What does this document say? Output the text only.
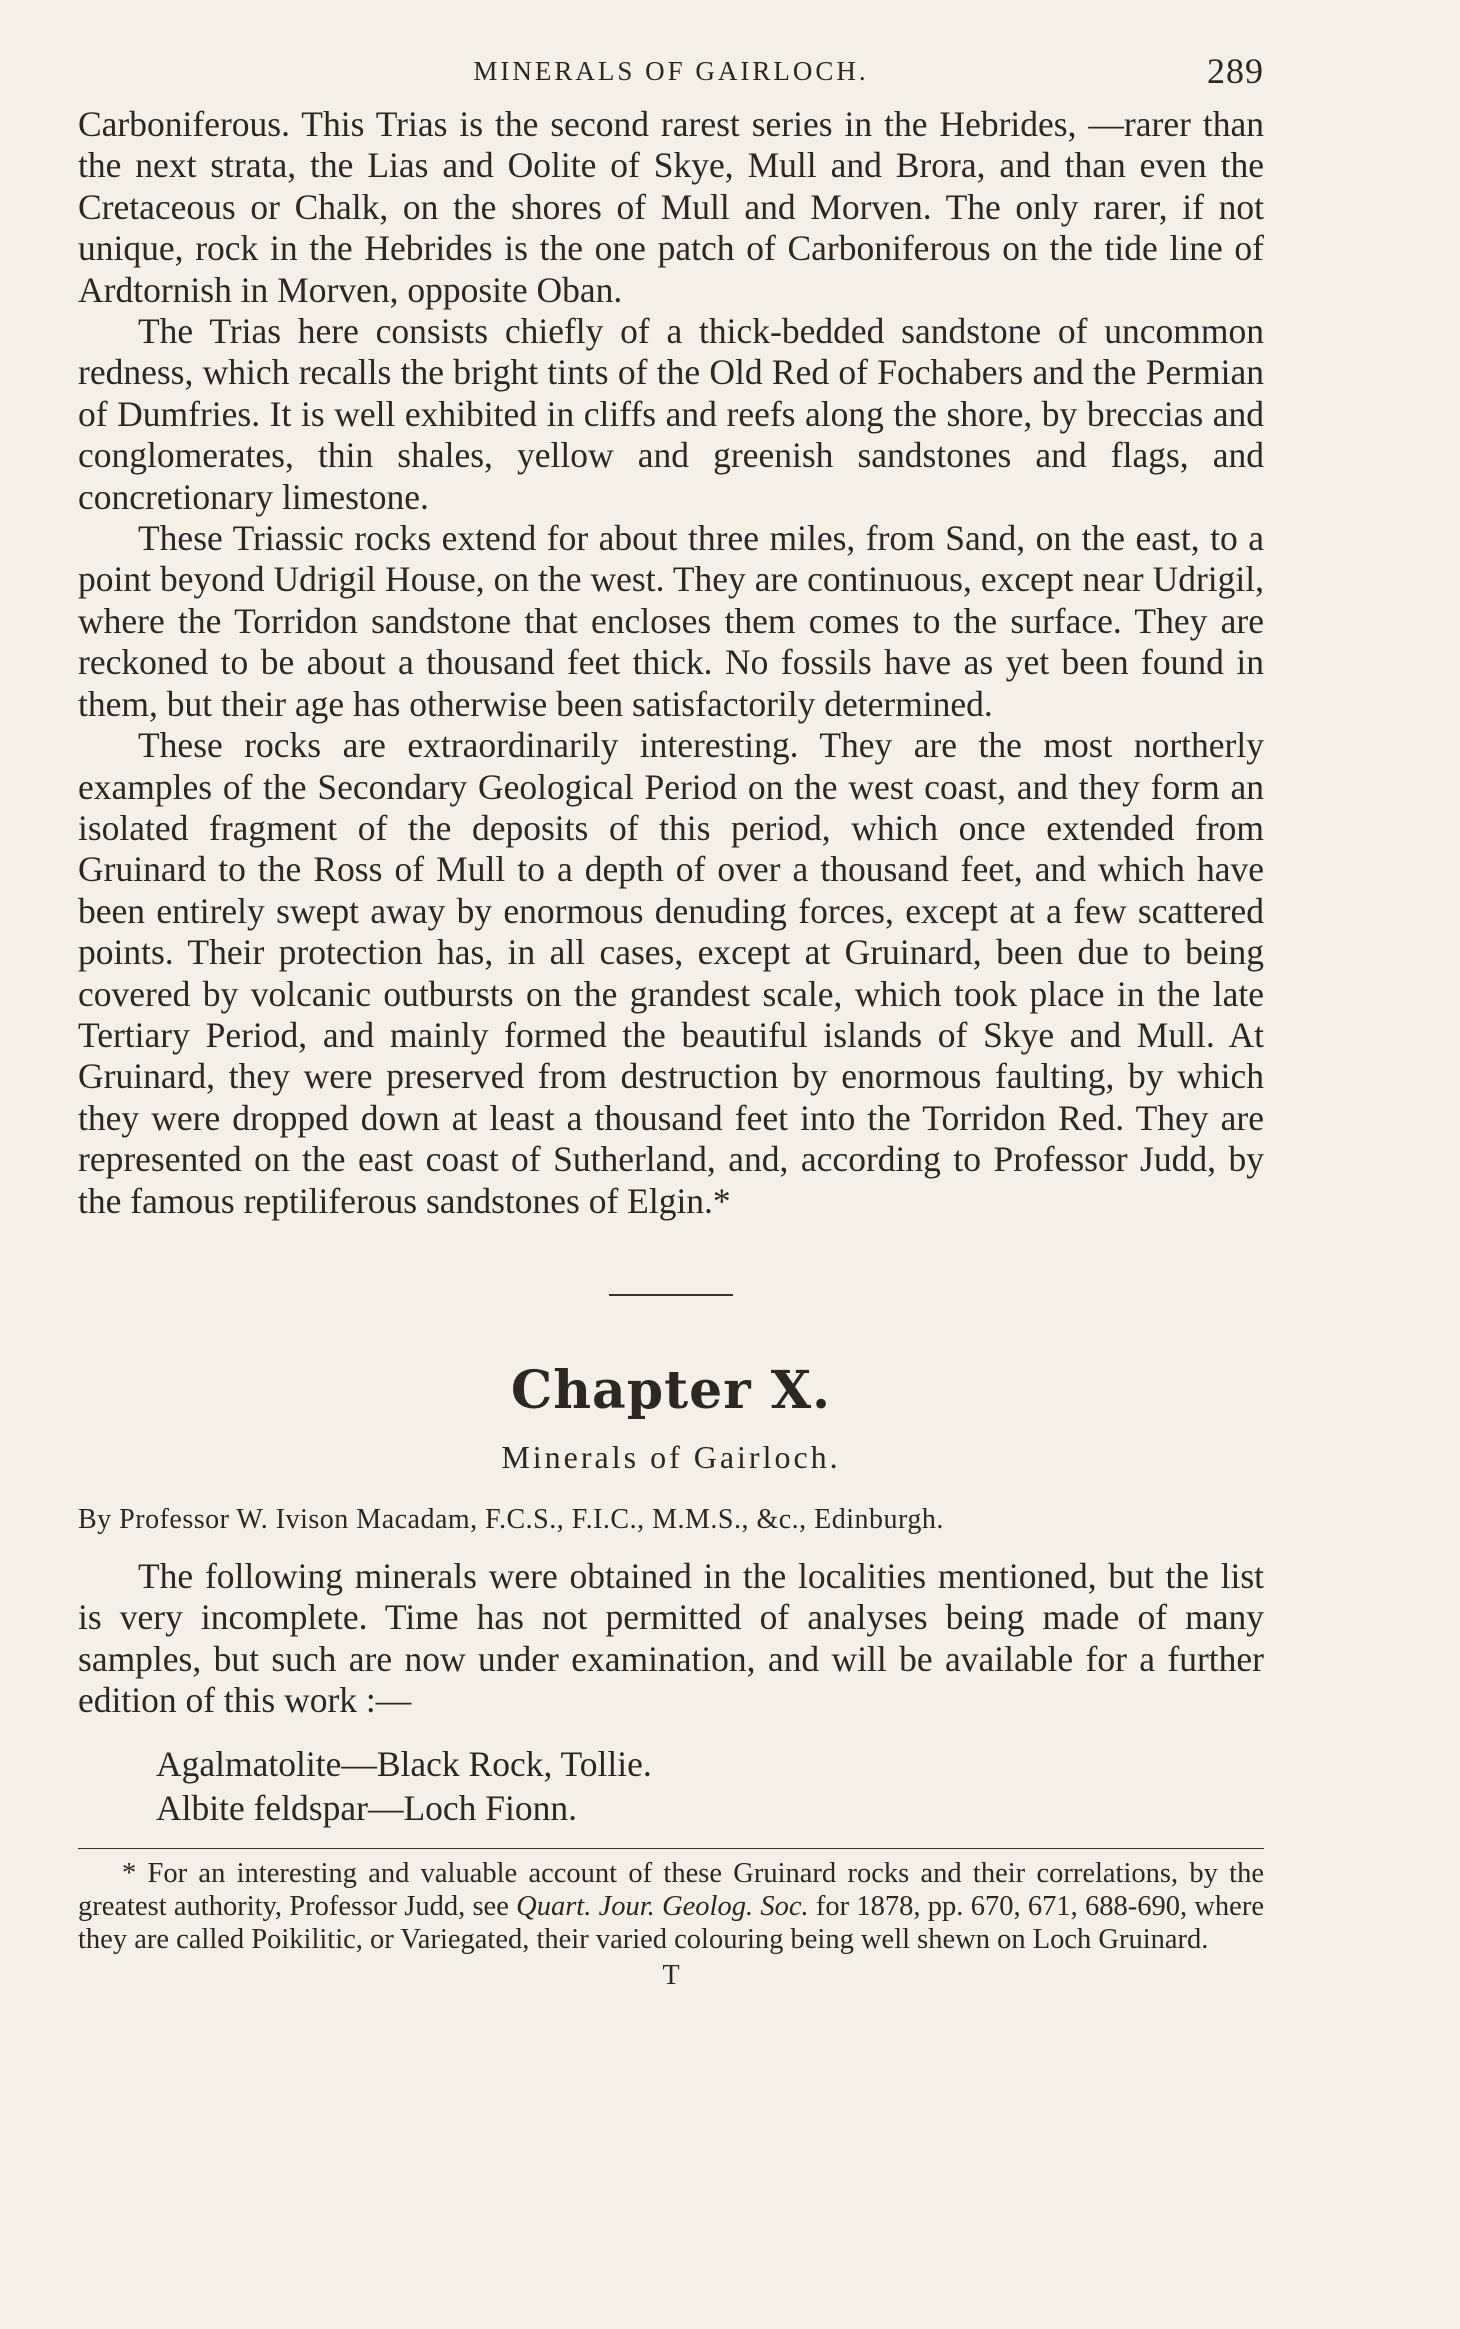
MINERALS OF GAIRLOCH.	289

Carboniferous. This Trias is the second rarest series in the Hebrides, —rarer than the next strata, the Lias and Oolite of Skye, Mull and Brora, and than even the Cretaceous or Chalk, on the shores of Mull and Morven. The only rarer, if not unique, rock in the Hebrides is the one patch of Carboniferous on the tide line of Ardtornish in Morven, opposite Oban.

The Trias here consists chiefly of a thick-bedded sandstone of uncommon redness, which recalls the bright tints of the Old Red of Fochabers and the Permian of Dumfries. It is well exhibited in cliffs and reefs along the shore, by breccias and conglomerates, thin shales, yellow and greenish sandstones and flags, and concretionary limestone.

These Triassic rocks extend for about three miles, from Sand, on the east, to a point beyond Udrigil House, on the west. They are continuous, except near Udrigil, where the Torridon sandstone that encloses them comes to the surface. They are reckoned to be about a thousand feet thick. No fossils have as yet been found in them, but their age has otherwise been satisfactorily determined.

These rocks are extraordinarily interesting. They are the most northerly examples of the Secondary Geological Period on the west coast, and they form an isolated fragment of the deposits of this period, which once extended from Gruinard to the Ross of Mull to a depth of over a thousand feet, and which have been entirely swept away by enormous denuding forces, except at a few scattered points. Their protection has, in all cases, except at Gruinard, been due to being covered by volcanic outbursts on the grandest scale, which took place in the late Tertiary Period, and mainly formed the beautiful islands of Skye and Mull. At Gruinard, they were preserved from destruction by enormous faulting, by which they were dropped down at least a thousand feet into the Torridon Red. They are represented on the east coast of Sutherland, and, according to Professor Judd, by the famous reptiliferous sandstones of Elgin.*

Chapter X.
Minerals of Gairloch.
By Professor W. Ivison Macadam, F.C.S., F.I.C., M.M.S., &c., Edinburgh.

The following minerals were obtained in the localities mentioned, but the list is very incomplete. Time has not permitted of analyses being made of many samples, but such are now under examination, and will be available for a further edition of this work :—

Agalmatolite—Black Rock, Tollie.
Albite feldspar—Loch Fionn.
* For an interesting and valuable account of these Gruinard rocks and their correlations, by the greatest authority, Professor Judd, see Quart. Jour. Geolog. Soc. for 1878, pp. 670, 671, 688-690, where they are called Poikilitic, or Variegated, their varied colouring being well shewn on Loch Gruinard.
T
